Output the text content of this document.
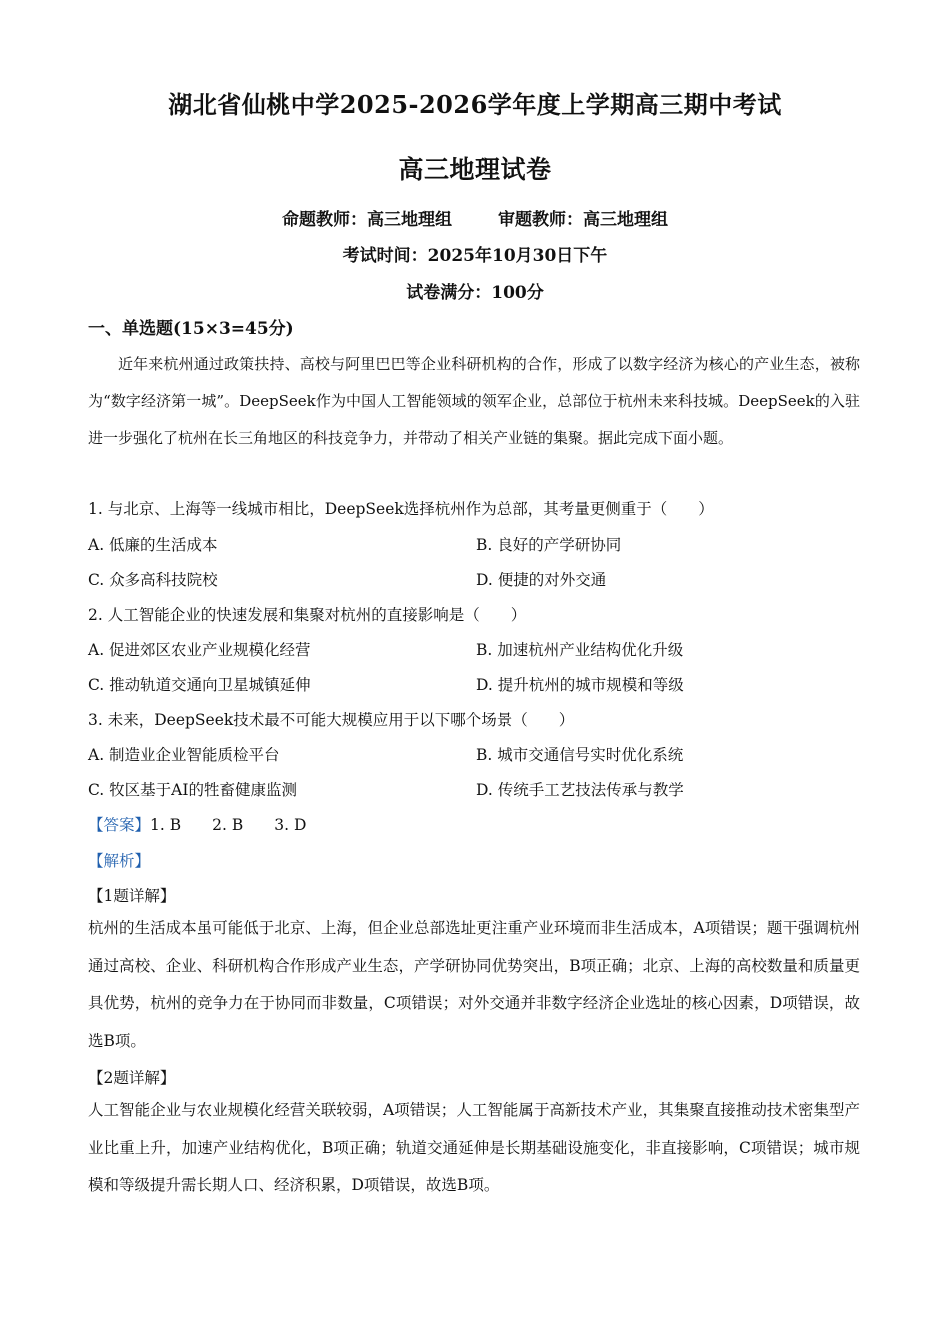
湖北省仙桃中学2025-2026学年度上学期高三期中考试
高三地理试卷
命题教师：高三地理组	审题教师：高三地理组
考试时间：2025年10月30日下午
试卷满分：100分
一、单选题(15×3=45分)
近年来杭州通过政策扶持、高校与阿里巴巴等企业科研机构的合作，形成了以数字经济为核心的产业生态，被称为“数字经济第一城”。DeepSeek作为中国人工智能领域的领军企业，总部位于杭州未来科技城。DeepSeek的入驻进一步强化了杭州在长三角地区的科技竞争力，并带动了相关产业链的集聚。据此完成下面小题。
1. 与北京、上海等一线城市相比，DeepSeek选择杭州作为总部，其考量更侧重于（　　）
A. 低廉的生活成本	B. 良好的产学研协同
C. 众多高科技院校	D. 便捷的对外交通
2. 人工智能企业的快速发展和集聚对杭州的直接影响是（　　）
A. 促进郊区农业产业规模化经营	B. 加速杭州产业结构优化升级
C. 推动轨道交通向卫星城镇延伸	D. 提升杭州的城市规模和等级
3. 未来，DeepSeek技术最不可能大规模应用于以下哪个场景（　　）
A. 制造业企业智能质检平台	B. 城市交通信号实时优化系统
C. 牧区基于AI的牲畜健康监测	D. 传统手工艺技法传承与教学
【答案】1. B　　2. B　　3. D
【解析】
【1题详解】
杭州的生活成本虽可能低于北京、上海，但企业总部选址更注重产业环境而非生活成本，A项错误；题干强调杭州通过高校、企业、科研机构合作形成产业生态，产学研协同优势突出，B项正确；北京、上海的高校数量和质量更具优势，杭州的竞争力在于协同而非数量，C项错误；对外交通并非数字经济企业选址的核心因素，D项错误，故选B项。
【2题详解】
人工智能企业与农业规模化经营关联较弱，A项错误；人工智能属于高新技术产业，其集聚直接推动技术密集型产业比重上升，加速产业结构优化，B项正确；轨道交通延伸是长期基础设施变化，非直接影响，C项错误；城市规模和等级提升需长期人口、经济积累，D项错误，故选B项。
